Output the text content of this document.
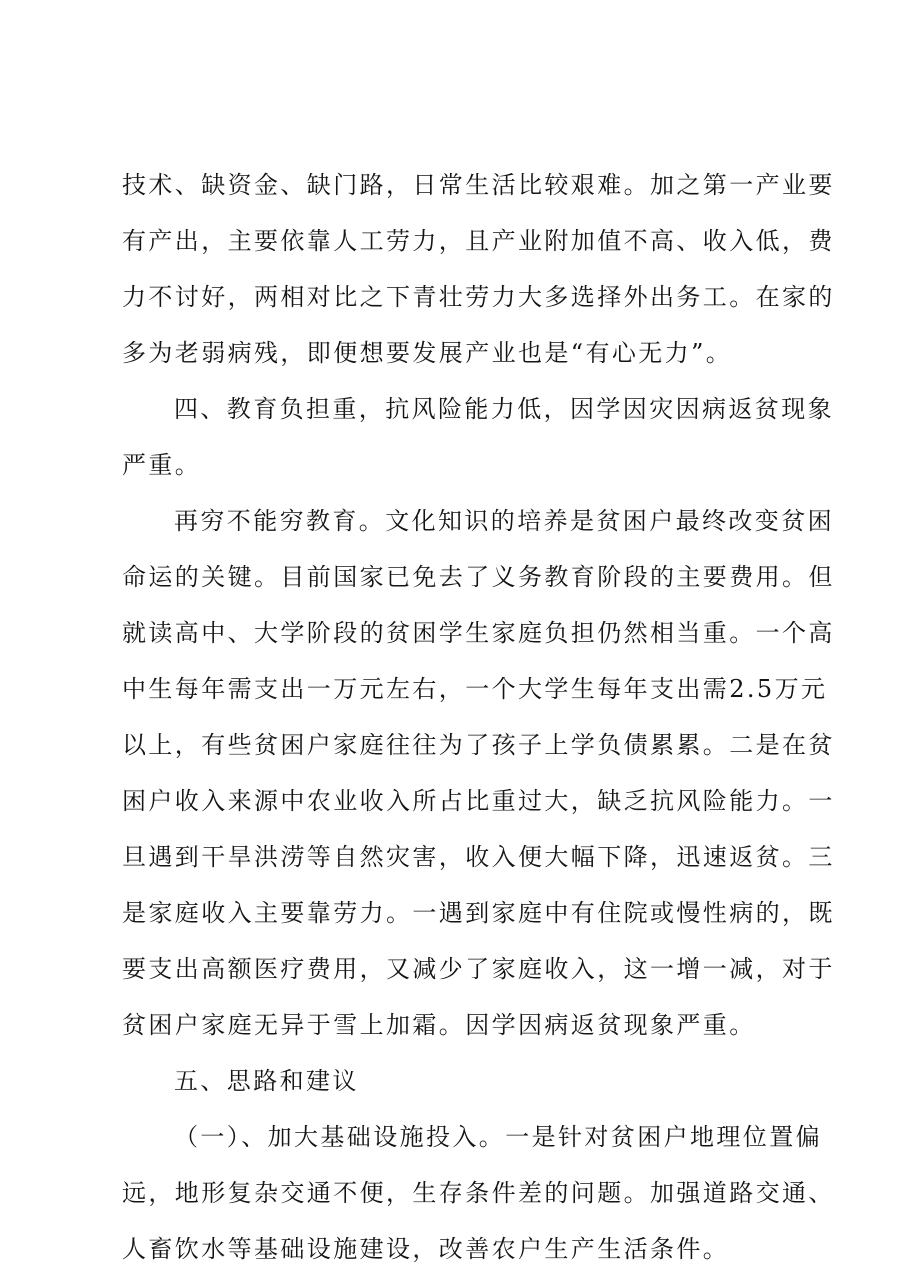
技术、缺资金、缺门路，日常生活比较艰难。加之第一产业要
有产出，主要依靠人工劳力，且产业附加值不高、收入低，费
力不讨好，两相对比之下青壮劳力大多选择外出务工。在家的
多为老弱病残，即便想要发展产业也是“有心无力”。
四、教育负担重，抗风险能力低，因学因灾因病返贫现象
严重。
再穷不能穷教育。文化知识的培养是贫困户最终改变贫困
命运的关键。目前国家已免去了义务教育阶段的主要费用。但
就读高中、大学阶段的贫困学生家庭负担仍然相当重。一个高
中生每年需支出一万元左右，一个大学生每年支出需2.5万元
以上，有些贫困户家庭往往为了孩子上学负债累累。二是在贫
困户收入来源中农业收入所占比重过大，缺乏抗风险能力。一
旦遇到干旱洪涝等自然灾害，收入便大幅下降，迅速返贫。三
是家庭收入主要靠劳力。一遇到家庭中有住院或慢性病的，既
要支出高额医疗费用，又减少了家庭收入，这一增一减，对于
贫困户家庭无异于雪上加霜。因学因病返贫现象严重。
五、思路和建议
（一）、加大基础设施投入。一是针对贫困户地理位置偏
远，地形复杂交通不便，生存条件差的问题。加强道路交通、
人畜饮水等基础设施建设，改善农户生产生活条件。
